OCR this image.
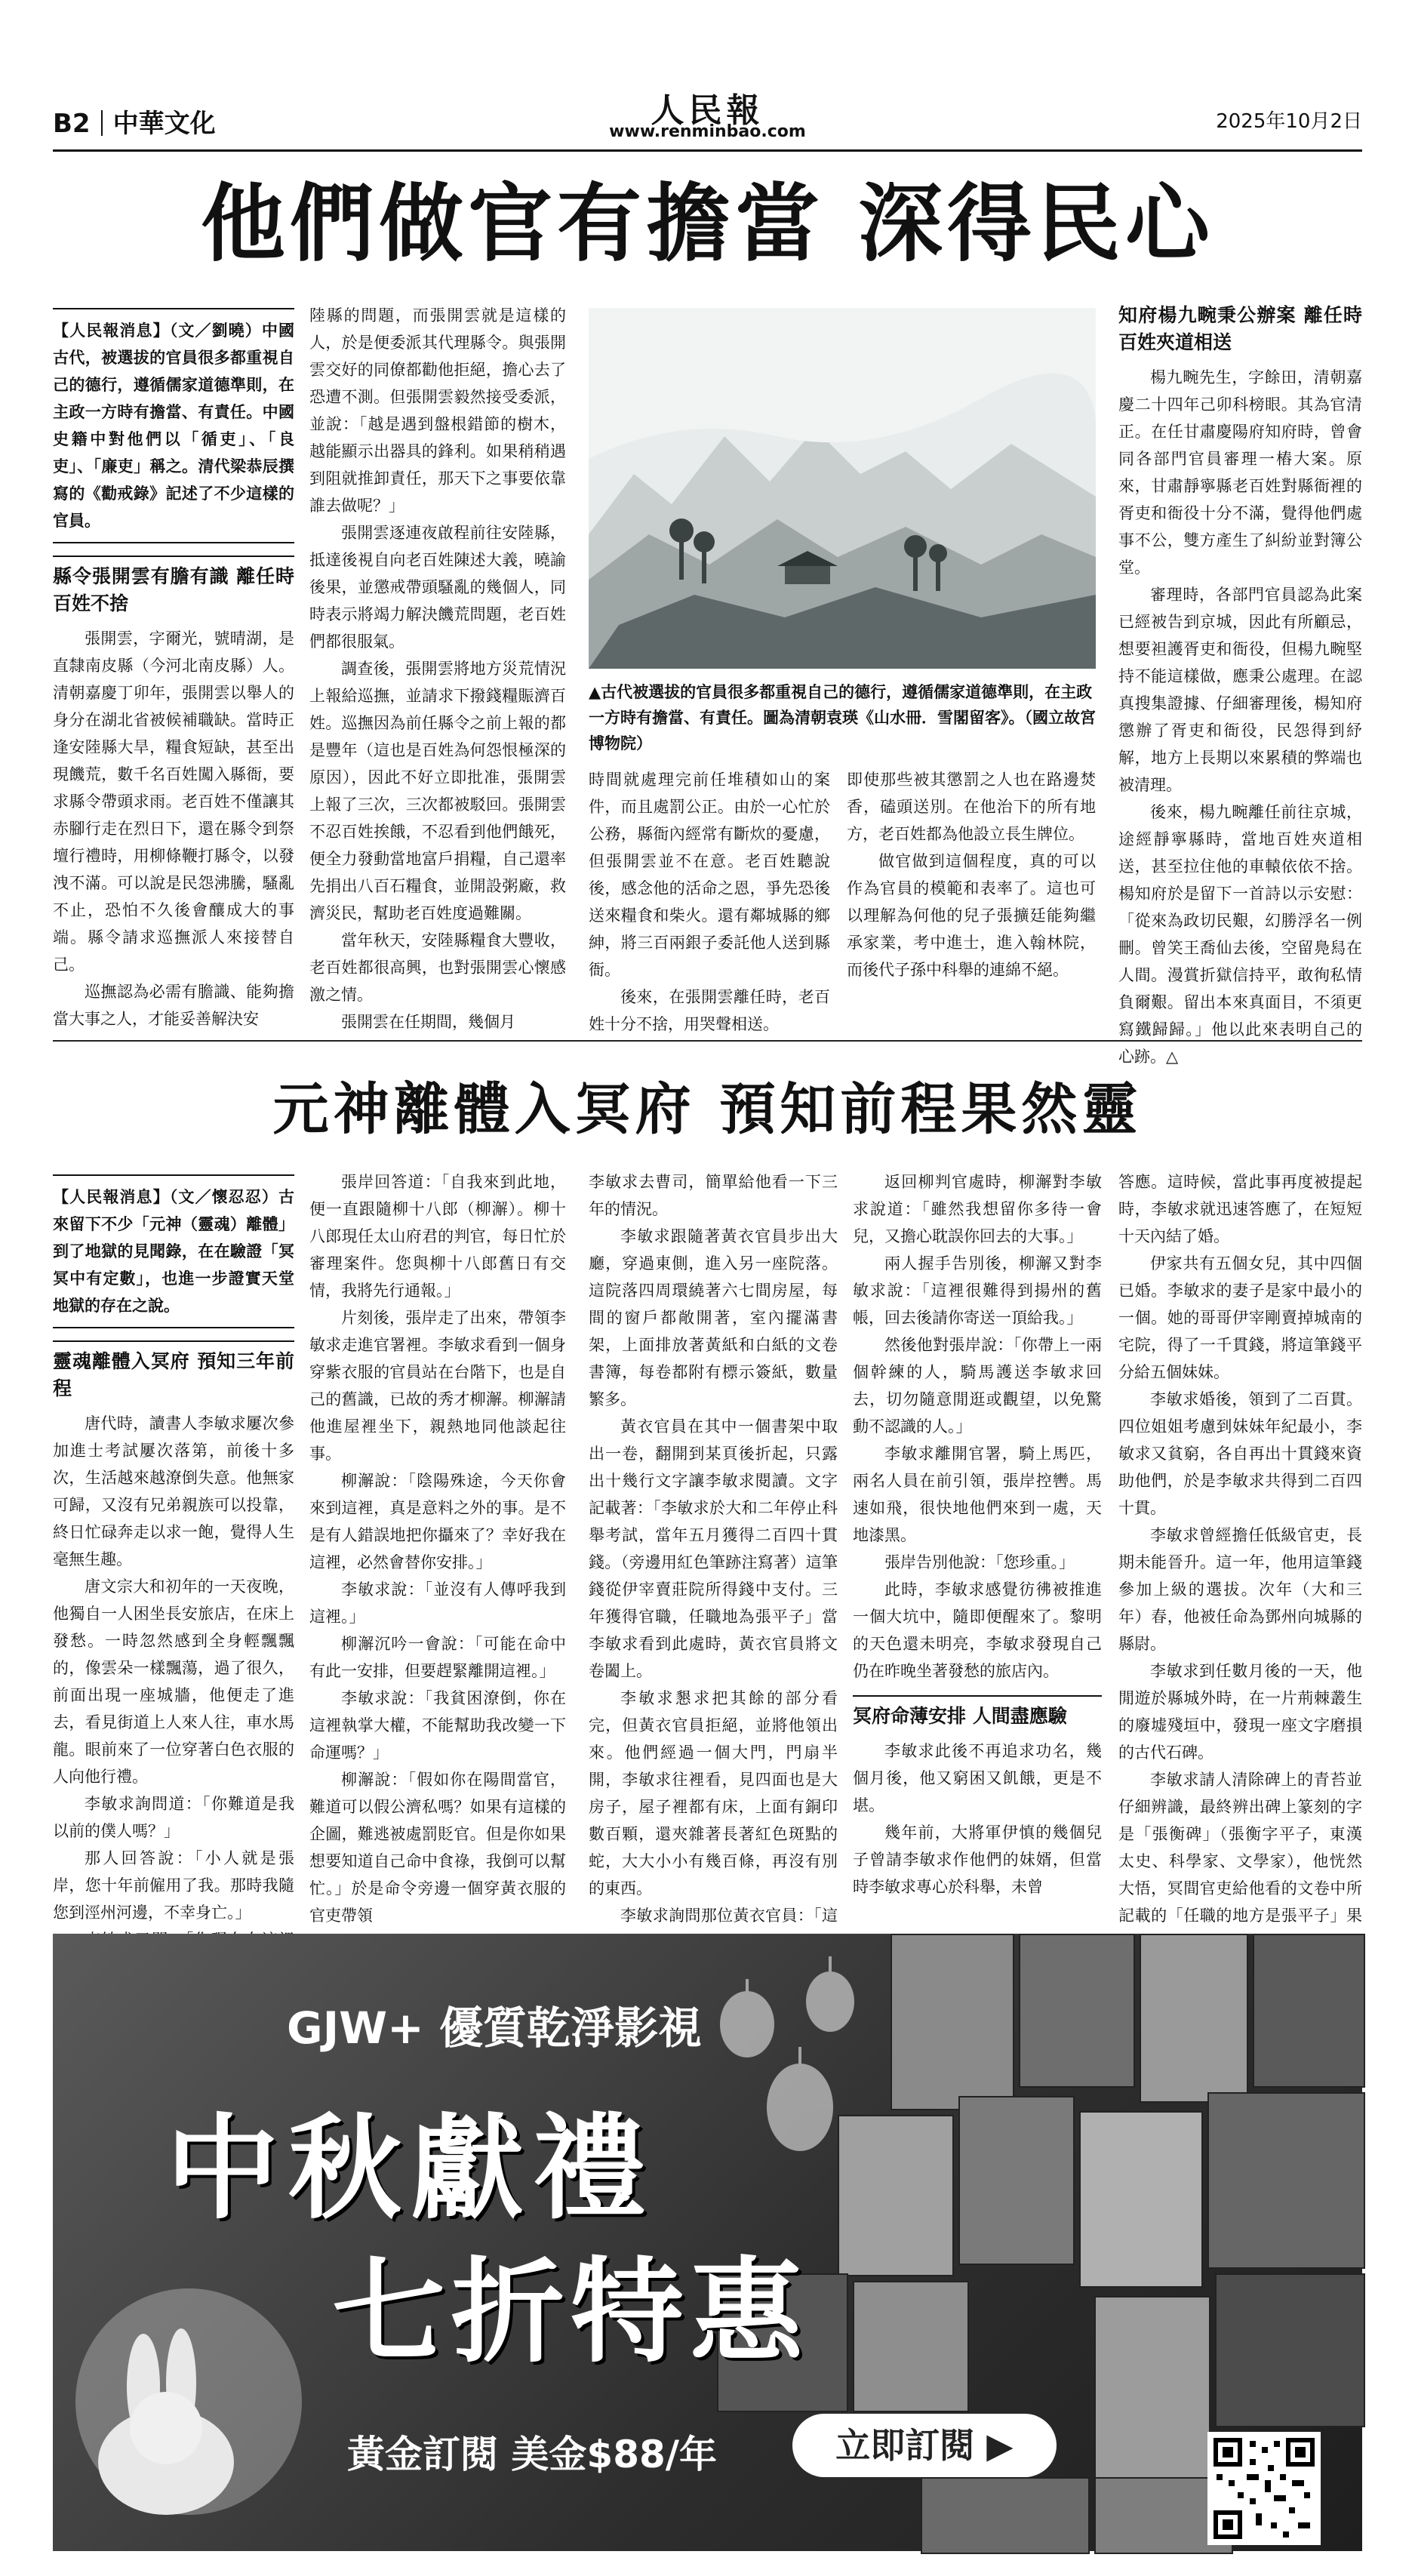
B2 中華文化	人民報
www.renminbao.com	2025年10月2日
他們做官有擔當 深得民心
【人民報消息】（文／劉曉）中國古代，被選拔的官員很多都重視自己的德行，遵循儒家道德準則，在主政一方時有擔當、有責任。中國史籍中對他們以「循吏」、「良吏」、「廉吏」稱之。清代梁恭辰撰寫的《勸戒錄》記述了不少這樣的官員。
縣令張開雲有膽有識 離任時百姓不捨

張開雲，字爾光，號晴湖，是直隸南皮縣（今河北南皮縣）人。清朝嘉慶丁卯年，張開雲以舉人的身分在湖北省被候補職缺。當時正逢安陸縣大旱，糧食短缺，甚至出現饑荒，數千名百姓闖入縣衙，要求縣令帶頭求雨。老百姓不僅讓其赤腳行走在烈日下，還在縣令到祭壇行禮時，用柳條鞭打縣令，以發洩不滿。可以說是民怨沸騰，騷亂不止，恐怕不久後會釀成大的事端。縣令請求巡撫派人來接替自己。

巡撫認為必需有膽識、能夠擔當大事之人，才能妥善解決安

陸縣的問題，而張開雲就是這樣的人，於是便委派其代理縣令。與張開雲交好的同僚都勸他拒絕，擔心去了恐遭不測。但張開雲毅然接受委派，並說：「越是遇到盤根錯節的樹木，越能顯示出器具的鋒利。如果稍稍遇到阻就推卸責任，那天下之事要依靠誰去做呢？」

張開雲逐連夜啟程前往安陸縣，抵達後視自向老百姓陳述大義，曉諭後果，並懲戒帶頭騷亂的幾個人，同時表示將竭力解決饑荒問題，老百姓們都很服氣。

調查後，張開雲將地方災荒情況上報給巡撫，並請求下撥錢糧賑濟百姓。巡撫因為前任縣令之前上報的都是豐年（這也是百姓為何怨恨極深的原因），因此不好立即批准，張開雲上報了三次，三次都被駁回。張開雲不忍百姓挨餓，不忍看到他們餓死，便全力發動當地富戶捐糧，自己還率先捐出八百石糧食，並開設粥廠，救濟災民，幫助老百姓度過難關。

當年秋天，安陸縣糧食大豐收，老百姓都很高興，也對張開雲心懷感激之情。

張開雲在任期間，幾個月

▲古代被選拔的官員很多都重視自己的德行，遵循儒家道德準則，在主政一方時有擔當、有責任。圖為清朝袁瑛《山水冊．雪閣留客》。（國立故宮博物院）

時間就處理完前任堆積如山的案件，而且處罰公正。由於一心忙於公務，縣衙內經常有斷炊的憂慮，但張開雲並不在意。老百姓聽說後，感念他的活命之恩，爭先恐後送來糧食和柴火。還有鄰城縣的鄉紳，將三百兩銀子委託他人送到縣衙。

後來，在張開雲離任時，老百姓十分不捨，用哭聲相送。

即使那些被其懲罰之人也在路邊焚香，磕頭送別。在他治下的所有地方，老百姓都為他設立長生牌位。

做官做到這個程度，真的可以作為官員的模範和表率了。這也可以理解為何他的兒子張擴廷能夠繼承家業，考中進士，進入翰林院，而後代子孫中科舉的連綿不絕。

知府楊九畹秉公辦案 離任時百姓夾道相送

楊九畹先生，字餘田，清朝嘉慶二十四年己卯科榜眼。其為官清正。在任甘肅慶陽府知府時，曾會同各部門官員審理一樁大案。原來，甘肅靜寧縣老百姓對縣衙裡的胥吏和衙役十分不滿，覺得他們處事不公，雙方產生了糾紛並對簿公堂。

審理時，各部門官員認為此案已經被告到京城，因此有所顧忌，想要袒護胥吏和衙役，但楊九畹堅持不能這樣做，應秉公處理。在認真搜集證據、仔細審理後，楊知府懲辦了胥吏和衙役，民怨得到紓解，地方上長期以來累積的弊端也被清理。

後來，楊九畹離任前往京城，途經靜寧縣時，當地百姓夾道相送，甚至拉住他的車轅依依不捨。楊知府於是留下一首詩以示安慰：「從來為政切民艱，幻勝浮名一例刪。曾笑王喬仙去後，空留鳧舄在人間。漫賞折獄信持平，敢徇私情負爾艱。留出本來真面目，不須更寫鐵歸歸。」他以此來表明自己的心跡。△

元神離體入冥府 預知前程果然靈
【人民報消息】（文／懷忍忍）古來留下不少「元神（靈魂）離體」到了地獄的見聞錄，在在驗證「冥冥中有定數」，也進一步證實天堂地獄的存在之說。
靈魂離體入冥府 預知三年前程

唐代時，讀書人李敏求屢次參加進士考試屢次落第，前後十多次，生活越來越潦倒失意。他無家可歸，又沒有兄弟親族可以投靠，終日忙碌奔走以求一飽，覺得人生毫無生趣。

唐文宗大和初年的一天夜晚，他獨自一人困坐長安旅店，在床上發愁。一時忽然感到全身輕飄飄的，像雲朵一樣飄蕩，過了很久，前面出現一座城牆，他便走了進去，看見街道上人來人往，車水馬龍。眼前來了一位穿著白色衣服的人向他行禮。

李敏求詢問道：「你難道是我以前的僕人嗎？」

那人回答說：「小人就是張岸，您十年前僱用了我。那時我隨您到涇州河邊，不幸身亡。」

張岸回答道：「自我來到此地，便一直跟隨柳十八郎（柳澥）。柳十八郎現任太山府君的判官，每日忙於審理案件。您與柳十八郎舊日有交情，我將先行通報。」

片刻後，張岸走了出來，帶領李敏求走進官署裡。李敏求看到一個身穿紫衣服的官員站在台階下，也是自己的舊識，已故的秀才柳澥。柳澥請他進屋裡坐下，親熱地同他談起往事。

柳澥說：「陰陽殊途，今天你會來到這裡，真是意料之外的事。是不是有人錯誤地把你攝來了？幸好我在這裡，必然會替你安排。」

李敏求說：「並沒有人傳呼我到這裡。」

柳澥沉吟一會說：「可能在命中有此一安排，但要趕緊離開這裡。」

李敏求說：「我貧困潦倒，你在這裡執掌大權，不能幫助我改變一下命運嗎？」

柳澥說：「假如你在陽間當官，難道可以假公濟私嗎？如果有這樣的企圖，難逃被處罰貶官。但是你如果想要知道自己命中食祿，我倒可以幫忙。」於是命令旁邊一個穿黃衣服的官吏帶領

李敏求去曹司，簡單給他看一下三年的情況。

李敏求跟隨著黃衣官員步出大廳，穿過東側，進入另一座院落。這院落四周環繞著六七間房屋，每間的窗戶都敞開著，室內擺滿書架，上面排放著黃紙和白紙的文卷書簿，每卷都附有標示簽紙，數量繁多。

黃衣官員在其中一個書架中取出一卷，翻開到某頁後折起，只露出十幾行文字讓李敏求閱讀。文字記載著：「李敏求於大和二年停止科舉考試，當年五月獲得二百四十貫錢。（旁邊用紅色筆跡注寫著）這筆錢從伊宰賣莊院所得錢中支付。三年獲得官職，任職地為張平子」當李敏求看到此處時，黃衣官員將文卷闔上。

李敏求懇求把其餘的部分看完，但黃衣官員拒絕，並將他領出來。他們經過一個大門，門扇半開，李敏求往裡看，見四面也是大房子，屋子裡都有床，上面有銅印數百顆，還夾雜著長著紅色斑點的蛇，大大小小有幾百條，再沒有別的東西。

李敏求詢問那位黃衣官員：「這

返回柳判官處時，柳澥對李敏求說道：「雖然我想留你多待一會兒，又擔心耽誤你回去的大事。」

兩人握手告別後，柳澥又對李敏求說：「這裡很難得到揚州的舊帳，回去後請你寄送一頂給我。」

然後他對張岸說：「你帶上一兩個幹練的人，騎馬護送李敏求回去，切勿隨意閒逛或觀望，以免驚動不認識的人。」

李敏求離開官署，騎上馬匹，兩名人員在前引領，張岸控轡。馬速如飛，很快地他們來到一處，天地漆黑。

張岸告別他說：「您珍重。」

此時，李敏求感覺彷彿被推進一個大坑中，隨即便醒來了。黎明的天色還未明亮，李敏求發現自己仍在昨晚坐著發愁的旅店內。

冥府命薄安排 人間盡應驗

李敏求此後不再追求功名，幾個月後，他又窮困又飢餓，更是不堪。

幾年前，大將軍伊慎的幾個兒子曾請李敏求作他們的妹婿，但當時李敏求專心於科舉，未曾

答應。這時候，當此事再度被提起時，李敏求就迅速答應了，在短短十天內結了婚。

伊家共有五個女兒，其中四個已婚。李敏求的妻子是家中最小的一個。她的哥哥伊宰剛賣掉城南的宅院，得了一千貫錢，將這筆錢平分給五個妹妹。

李敏求婚後，領到了二百貫。四位姐姐考慮到妹妹年紀最小，李敏求又貧窮，各自再出十貫錢來資助他們，於是李敏求共得到二百四十貫。

李敏求曾經擔任低級官吏，長期未能晉升。這一年，他用這筆錢參加上級的選拔。次年（大和三年）春，他被任命為鄧州向城縣的縣尉。

李敏求到任數月後的一天，他閒遊於縣城外時，在一片荊棘叢生的廢墟殘垣中，發現一座文字磨損的古代石碑。

李敏求請人清除碑上的青苔並仔細辨識，最終辨出碑上篆刻的字是「張衡碑」（張衡字平子，東漢太史、科學家、文學家），他恍然大悟，冥間官吏給他看的文卷中所記載的「任職的地方是張平子」果

GJW+ 優質乾淨影視
中秋獻禮
七折特惠
黃金訂閱 美金$88/年	立即訂閱 ▶
